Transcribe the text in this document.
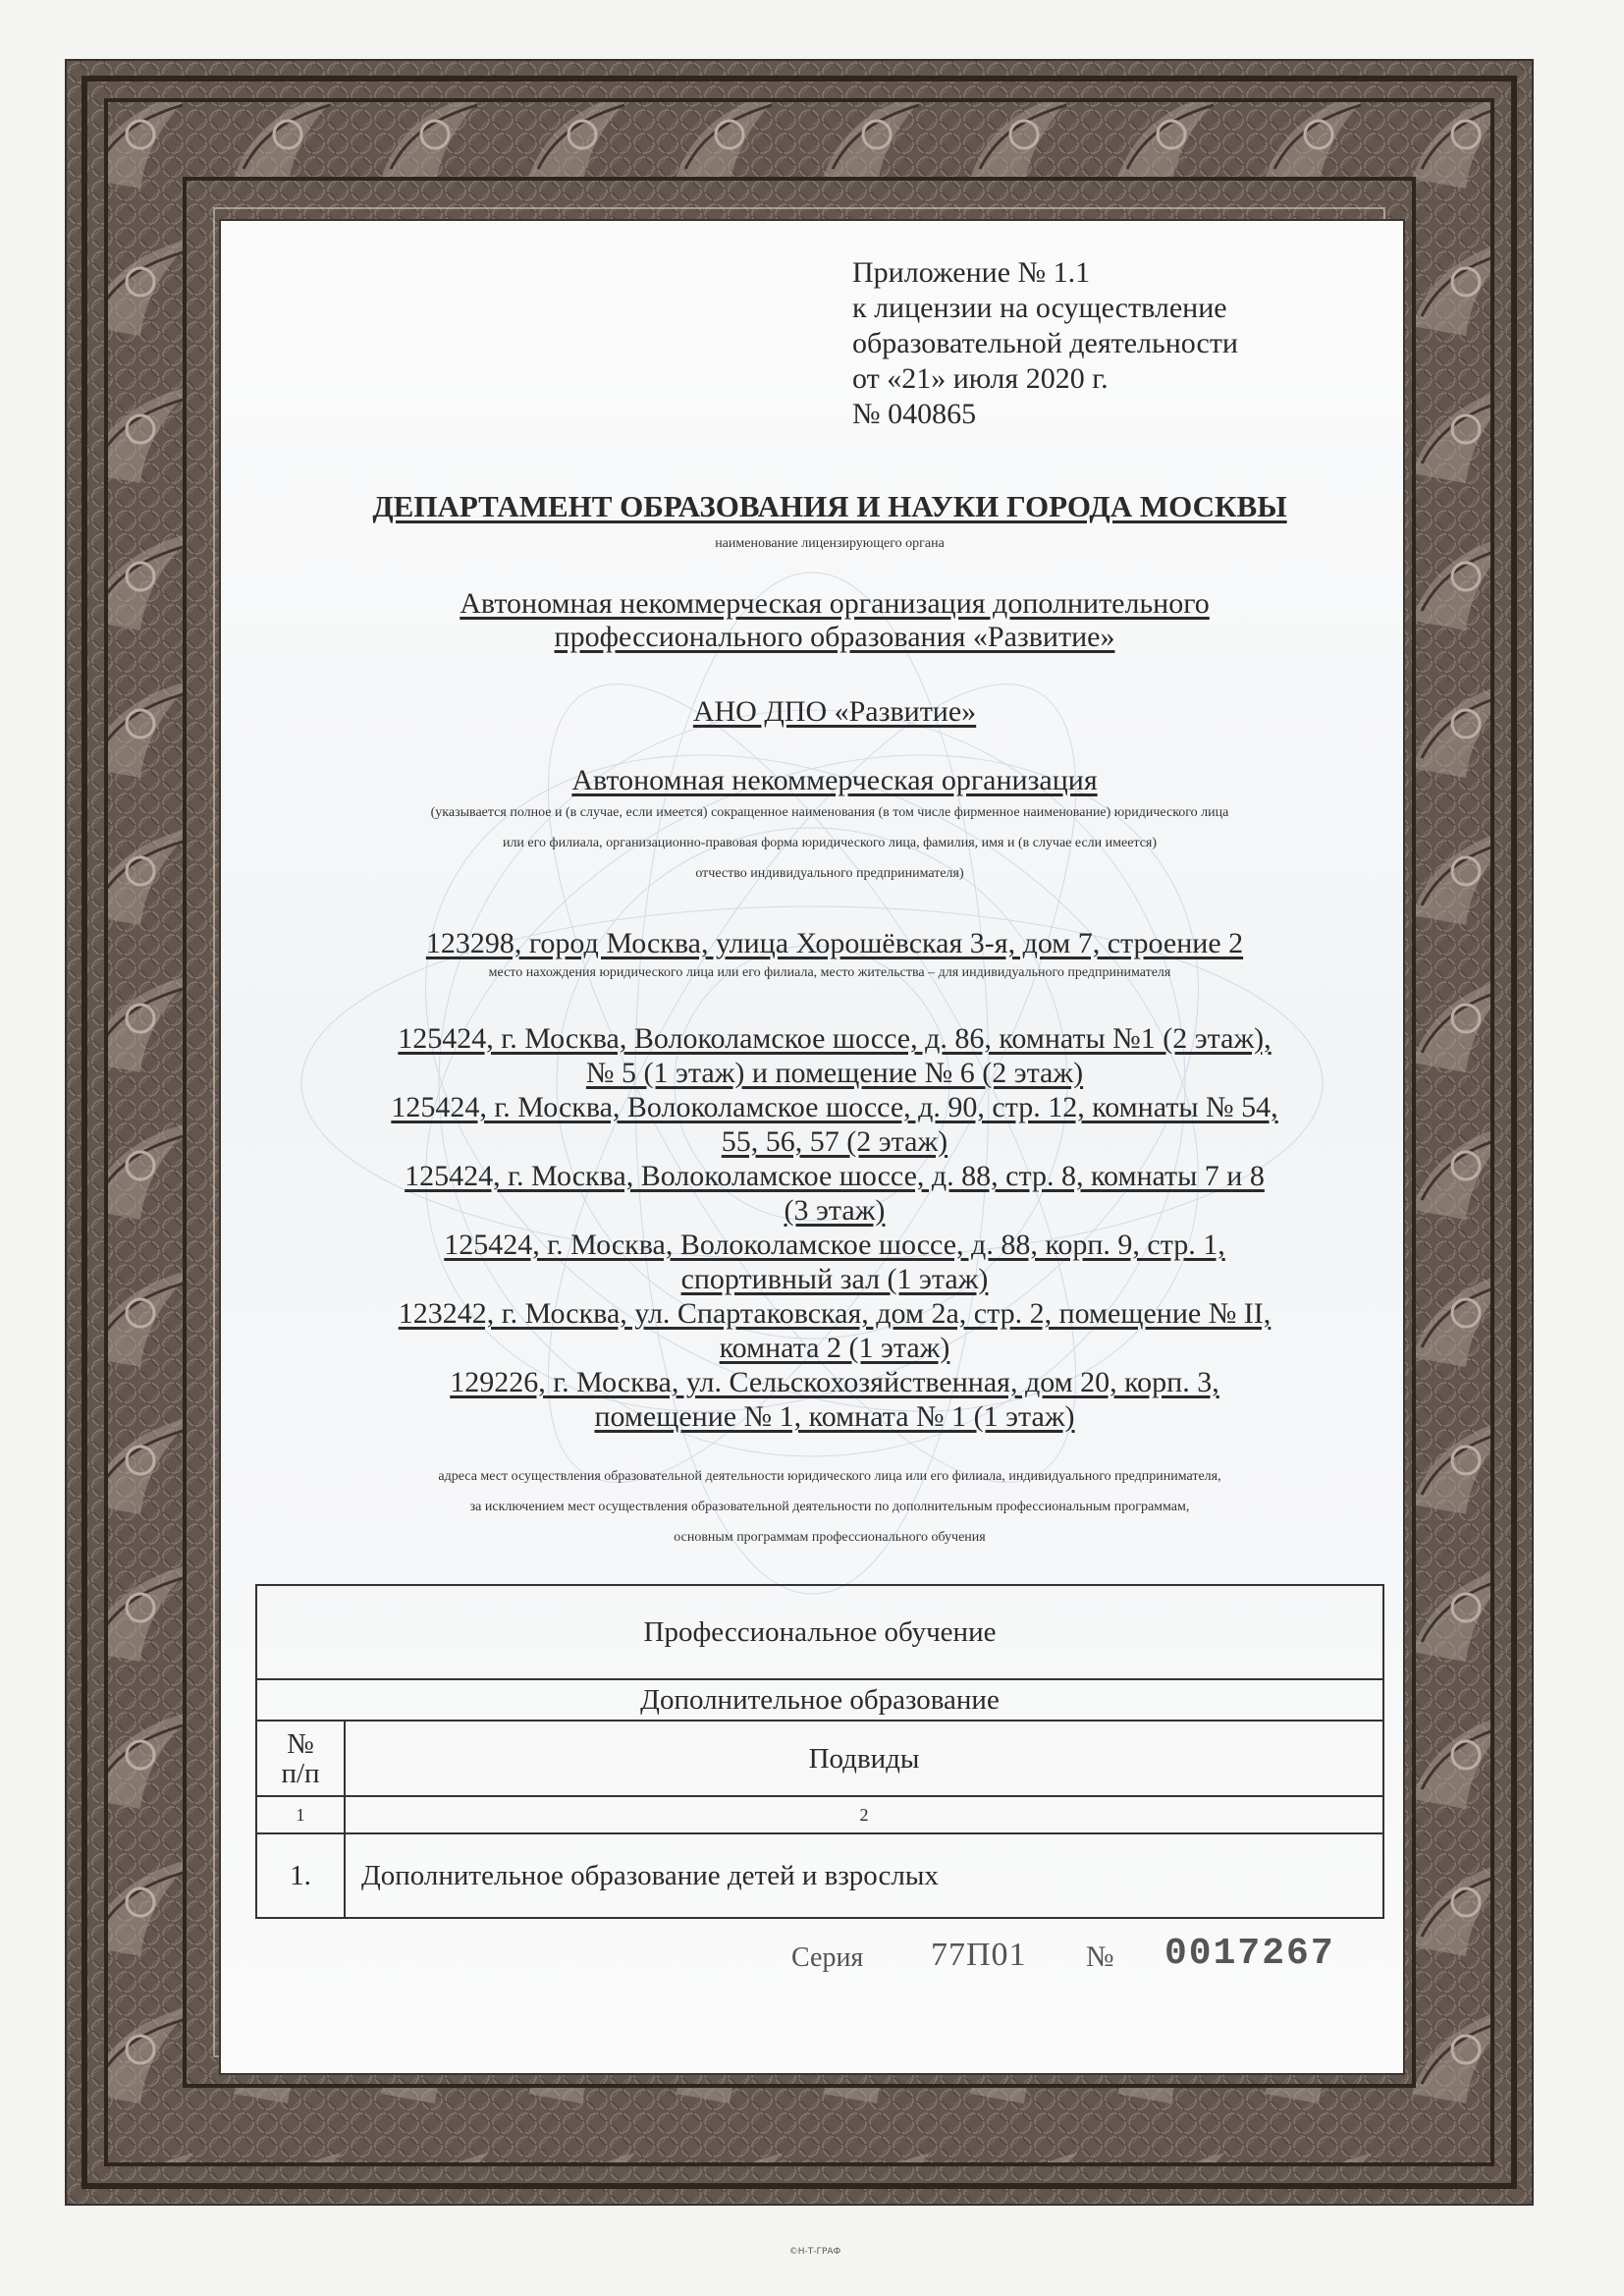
Приложение № 1.1
к лицензии на осуществление
образовательной деятельности
от «21» июля 2020 г.
№ 040865
ДЕПАРТАМЕНТ ОБРАЗОВАНИЯ И НАУКИ ГОРОДА МОСКВЫ
наименование лицензирующего органа
Автономная некоммерческая организация дополнительного
профессионального образования «Развитие»
АНО ДПО «Развитие»
Автономная некоммерческая организация
(указывается полное и (в случае, если имеется) сокращенное наименования (в том числе фирменное наименование) юридического лица
или его филиала, организационно-правовая форма юридического лица, фамилия, имя и (в случае если имеется)
отчество индивидуального предпринимателя)
123298, город Москва, улица Хорошёвская 3-я, дом 7, строение 2
место нахождения юридического лица или его филиала, место жительства – для индивидуального предпринимателя
125424, г. Москва, Волоколамское шоссе, д. 86, комнаты №1 (2 этаж),
№ 5 (1 этаж) и помещение № 6 (2 этаж)
125424, г. Москва, Волоколамское шоссе, д. 90, стр. 12, комнаты № 54,
55, 56, 57 (2 этаж)
125424, г. Москва, Волоколамское шоссе, д. 88, стр. 8, комнаты 7 и 8
(3 этаж)
125424, г. Москва, Волоколамское шоссе, д. 88, корп. 9, стр. 1,
спортивный зал (1 этаж)
123242, г. Москва, ул. Спартаковская, дом 2а, стр. 2, помещение № II,
комната 2 (1 этаж)
129226, г. Москва, ул. Сельскохозяйственная, дом 20, корп. 3,
помещение № 1, комната № 1 (1 этаж)
адреса мест осуществления образовательной деятельности юридического лица или его филиала, индивидуального предпринимателя,
за исключением мест осуществления образовательной деятельности по дополнительным профессиональным программам,
основным программам профессионального обучения
Профессиональное обучение	
Дополнительное образование	

№
п/п	Подвиды
1	2
1.	Дополнительное образование детей и взрослых
Серия 77П01 № 0017267
©Н-Т-ГРАФ
